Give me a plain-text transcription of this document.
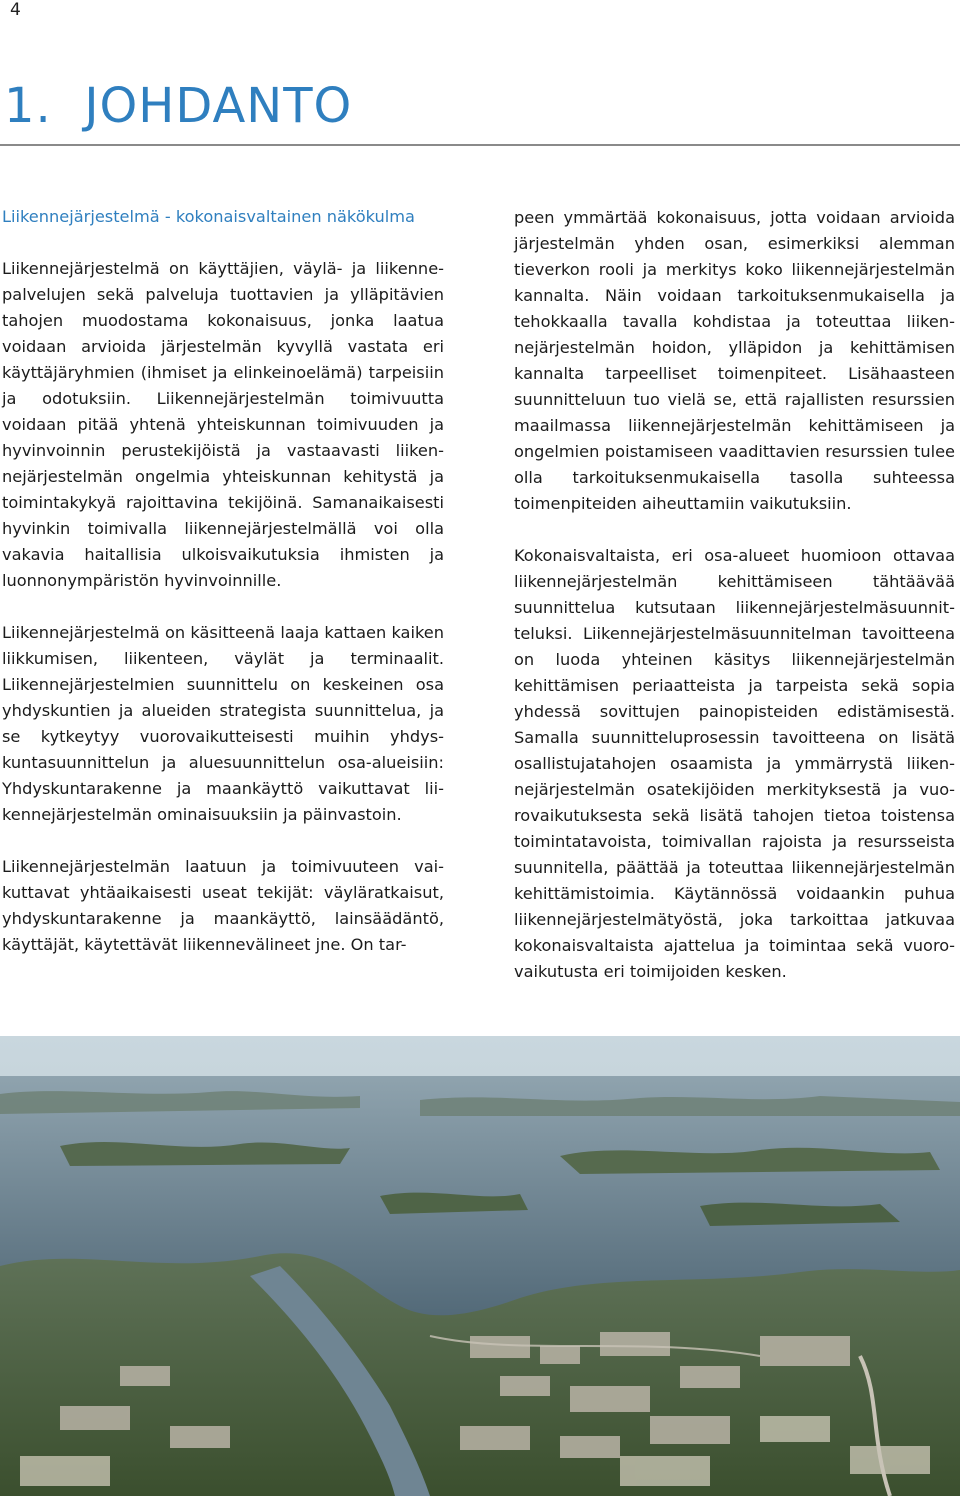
4
1. JOHDANTO
Liikennejärjestelmä - kokonaisvaltainen näkökulma

Liikennejärjestelmä on käyttäjien, väylä- ja liikennepalvelujen sekä palveluja tuottavien ja ylläpitävien tahojen muodostama kokonaisuus, jonka laatua voidaan arvioida järjestelmän kyvyllä vastata eri käyttäjäryhmien (ihmiset ja elinkeinoelämä) tarpeisiin ja odotuksiin. Liikennejärjestelmän toimivuutta voidaan pitää yhtenä yhteiskunnan toimivuuden ja hyvinvoinnin perustekijöistä ja vastaavasti liikennejärjestelmän ongelmia yhteiskunnan kehitystä ja toimintakykyä rajoittavina tekijöinä. Samanaikaisesti hyvinkin toimivalla liikennejärjestelmällä voi olla vakavia haitallisia ulkoisvaikutuksia ihmisten ja luonnonympäristön hyvinvoinnille.

Liikennejärjestelmä on käsitteenä laaja kattaen kaiken liikkumisen, liikenteen, väylät ja terminaalit. Liikennejärjestelmien suunnittelu on keskeinen osa yhdyskuntien ja alueiden strategista suunnittelua, ja se kytkeytyy vuorovaikutteisesti muihin yhdyskuntasuunnittelun ja aluesuunnittelun osa-alueisiin: Yhdyskuntarakenne ja maankäyttö vaikuttavat liikennejärjestelmän ominaisuuksiin ja päinvastoin.

Liikennejärjestelmän laatuun ja toimivuuteen vaikuttavat yhtäaikaisesti useat tekijät: väyläratkaisut, yhdyskuntarakenne ja maankäyttö, lainsäädäntö, käyttäjät, käytettävät liikennevälineet jne. On tar-

peen ymmärtää kokonaisuus, jotta voidaan arvioida järjestelmän yhden osan, esimerkiksi alemman tieverkon rooli ja merkitys koko liikennejärjestelmän kannalta. Näin voidaan tarkoituksenmukaisella ja tehokkaalla tavalla kohdistaa ja toteuttaa liikennejärjestelmän hoidon, ylläpidon ja kehittämisen kannalta tarpeelliset toimenpiteet. Lisähaasteen suunnitteluun tuo vielä se, että rajallisten resurssien maailmassa liikennejärjestelmän kehittämiseen ja ongelmien poistamiseen vaadittavien resurssien tulee olla tarkoituksenmukaisella tasolla suhteessa toimenpiteiden aiheuttamiin vaikutuksiin.

Kokonaisvaltaista, eri osa-alueet huomioon ottavaa liikennejärjestelmän kehittämiseen tähtäävää suunnittelua kutsutaan liikennejärjestelmäsuunnitteluksi. Liikennejärjestelmäsuunnitelman tavoitteena on luoda yhteinen käsitys liikennejärjestelmän kehittämisen periaatteista ja tarpeista sekä sopia yhdessä sovittujen painopisteiden edistämisestä. Samalla suunnitteluprosessin tavoitteena on lisätä osallistujatahojen osaamista ja ymmärrystä liikennejärjestelmän osatekijöiden merkityksestä ja vuorovaikutuksesta sekä lisätä tahojen tietoa toistensa toimintatavoista, toimivallan rajoista ja resursseista suunnitella, päättää ja toteuttaa liikennejärjestelmän kehittämistoimia. Käytännössä voidaankin puhua liikennejärjestelmätyöstä, joka tarkoittaa jatkuvaa kokonaisvaltaista ajattelua ja toimintaa sekä vuorovaikutusta eri toimijoiden kesken.
